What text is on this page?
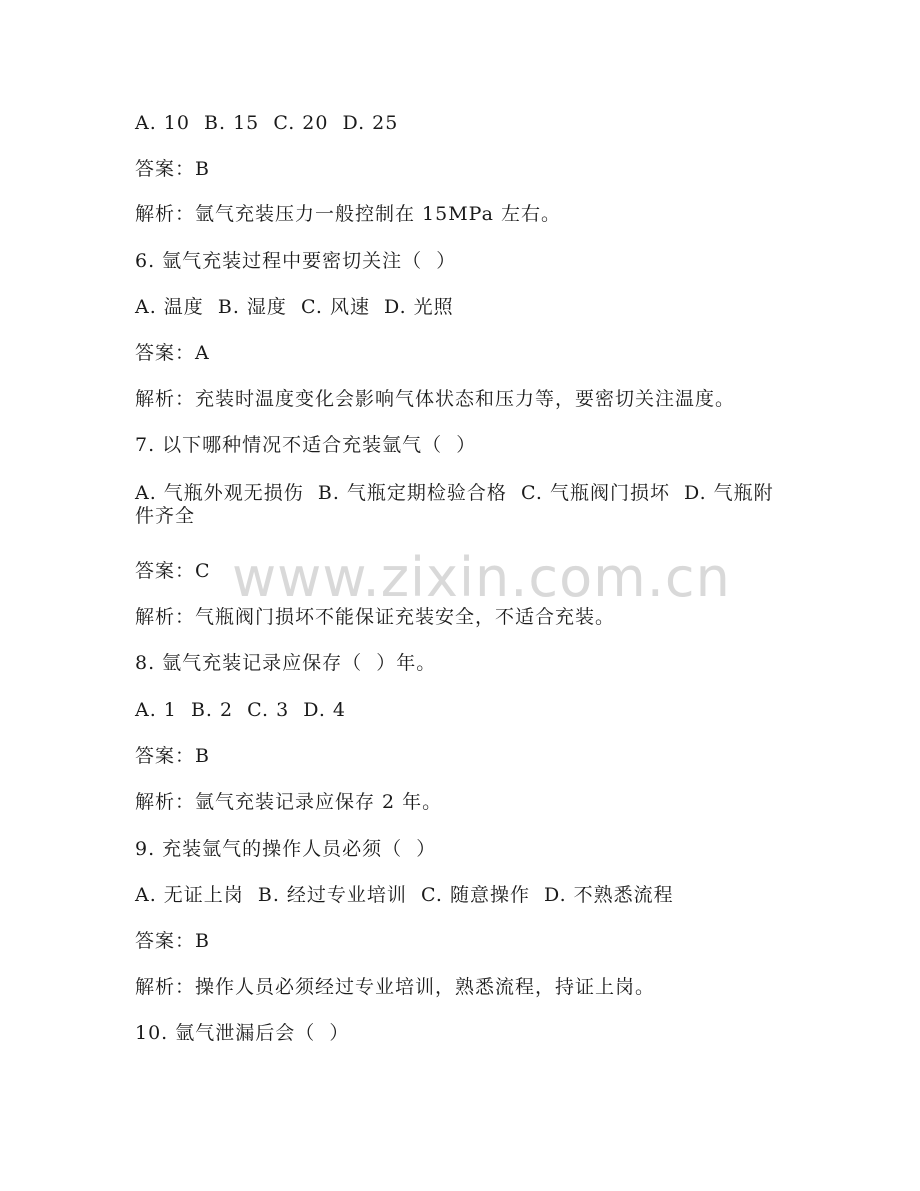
A. 10  B. 15  C. 20  D. 25
答案：B
解析：氩气充装压力一般控制在 15MPa 左右。
6. 氩气充装过程中要密切关注（  ）
A. 温度  B. 湿度  C. 风速  D. 光照
答案：A
解析：充装时温度变化会影响气体状态和压力等，要密切关注温度。
7. 以下哪种情况不适合充装氩气（  ）
A. 气瓶外观无损伤  B. 气瓶定期检验合格  C. 气瓶阀门损坏  D. 气瓶附件齐全
答案：C
解析：气瓶阀门损坏不能保证充装安全，不适合充装。
8. 氩气充装记录应保存（  ）年。
A. 1  B. 2  C. 3  D. 4
答案：B
解析：氩气充装记录应保存 2 年。
9. 充装氩气的操作人员必须（  ）
A. 无证上岗  B. 经过专业培训  C. 随意操作  D. 不熟悉流程
答案：B
解析：操作人员必须经过专业培训，熟悉流程，持证上岗。
10. 氩气泄漏后会（  ）
www.zixin.com.cn
